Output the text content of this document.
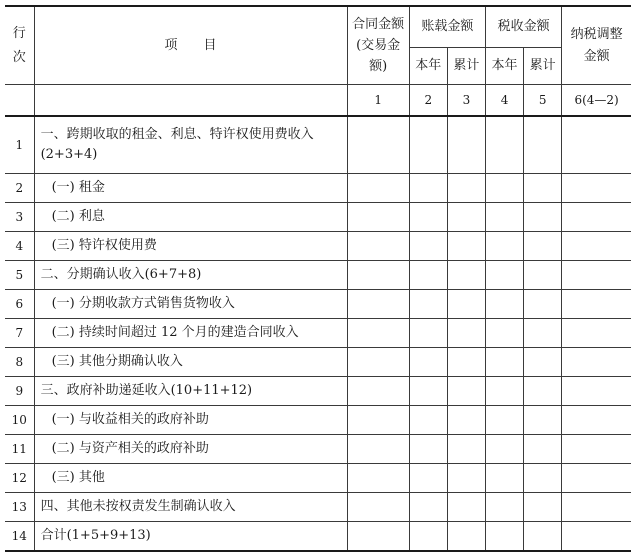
行次	项　　目	合同金额(交易金额)	账载金额		税收金额		纳税调整金额
			本年	累计	本年	累计	
		1	2	3	4	5	6(4—2)
1	一、跨期收取的租金、利息、特许权使用费收入(2+3+4)						
2	(一) 租金						
3	(二) 利息						
4	(三) 特许权使用费						
5	二、分期确认收入(6+7+8)						
6	(一) 分期收款方式销售货物收入						
7	(二) 持续时间超过 12 个月的建造合同收入						
8	(三) 其他分期确认收入						
9	三、政府补助递延收入(10+11+12)						
10	(一) 与收益相关的政府补助						
11	(二) 与资产相关的政府补助						
12	(三) 其他						
13	四、其他未按权责发生制确认收入						
14	合计(1+5+9+13)						
